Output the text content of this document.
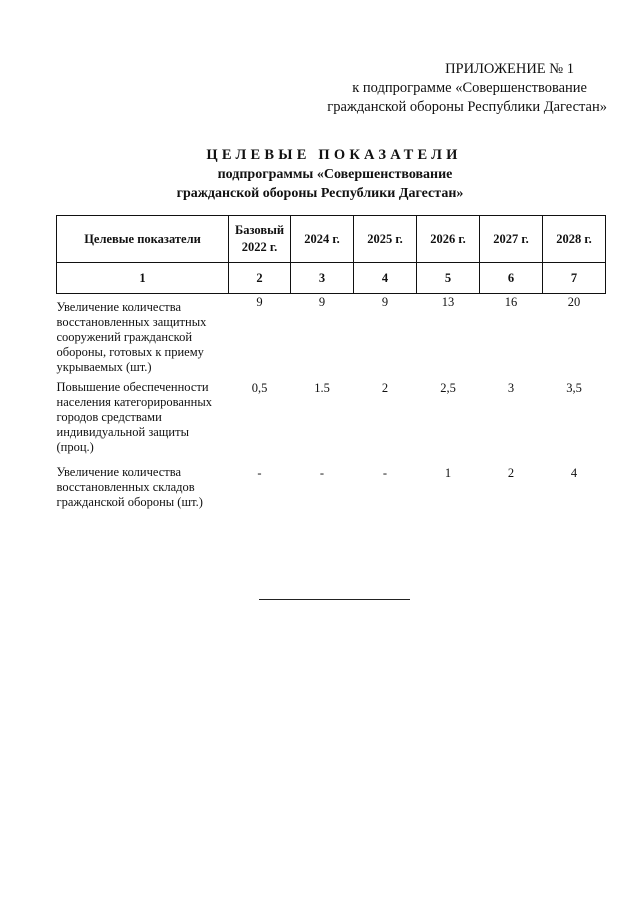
ПРИЛОЖЕНИЕ № 1
к подпрограмме «Совершенствование
гражданской обороны Республики Дагестан»
ЦЕЛЕВЫЕ ПОКАЗАТЕЛИ
подпрограммы «Совершенствование
гражданской обороны Республики Дагестан»
Целевые показатели	Базовый 2022 г.	2024 г.	2025 г.	2026 г.	2027 г.	2028 г.
1	2	3	4	5	6	7
Увеличение количества восстановленных защитных сооружений гражданской обороны, готовых к приему укрываемых (шт.)	9	9	9	13	16	20
Повышение обеспеченности населения категорированных городов средствами индивидуальной защиты (проц.)	0,5	1.5	2	2,5	3	3,5
Увеличение количества восстановленных складов гражданской обороны (шт.)	-	-	-	1	2	4
